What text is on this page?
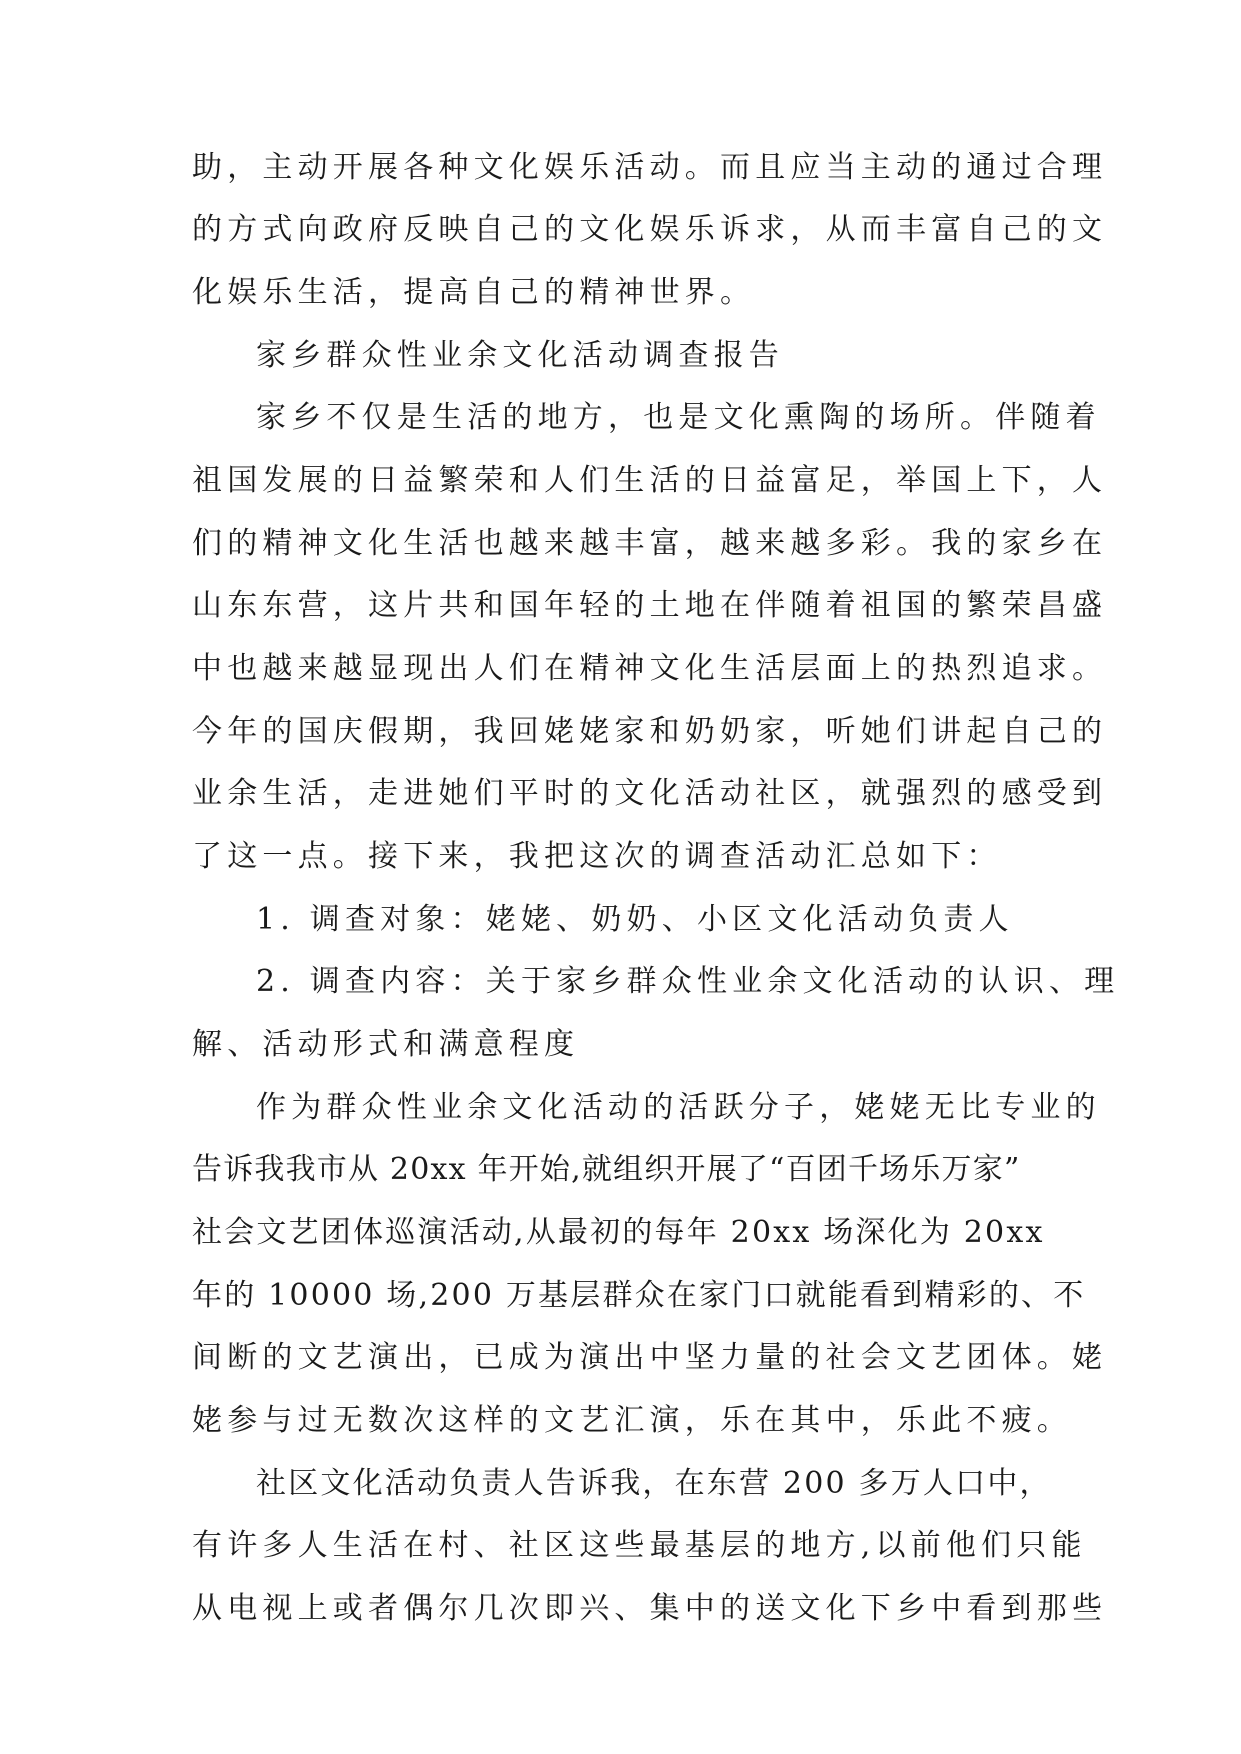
助，主动开展各种文化娱乐活动。而且应当主动的通过合理
的方式向政府反映自己的文化娱乐诉求，从而丰富自己的文
化娱乐生活，提高自己的精神世界。
家乡群众性业余文化活动调查报告
家乡不仅是生活的地方，也是文化熏陶的场所。伴随着
祖国发展的日益繁荣和人们生活的日益富足，举国上下，人
们的精神文化生活也越来越丰富，越来越多彩。我的家乡在
山东东营，这片共和国年轻的土地在伴随着祖国的繁荣昌盛
中也越来越显现出人们在精神文化生活层面上的热烈追求。
今年的国庆假期，我回姥姥家和奶奶家，听她们讲起自己的
业余生活，走进她们平时的文化活动社区，就强烈的感受到
了这一点。接下来，我把这次的调查活动汇总如下：
1. 调查对象：姥姥、奶奶、小区文化活动负责人
2. 调查内容：关于家乡群众性业余文化活动的认识、理
解、活动形式和满意程度
作为群众性业余文化活动的活跃分子，姥姥无比专业的
告诉我我市从 20xx 年开始,就组织开展了“百团千场乐万家”
社会文艺团体巡演活动,从最初的每年 20xx 场深化为 20xx
年的 10000 场,200 万基层群众在家门口就能看到精彩的、不
间断的文艺演出，已成为演出中坚力量的社会文艺团体。姥
姥参与过无数次这样的文艺汇演，乐在其中，乐此不疲。
社区文化活动负责人告诉我，在东营 200 多万人口中，
有许多人生活在村、社区这些最基层的地方,以前他们只能
从电视上或者偶尔几次即兴、集中的送文化下乡中看到那些
